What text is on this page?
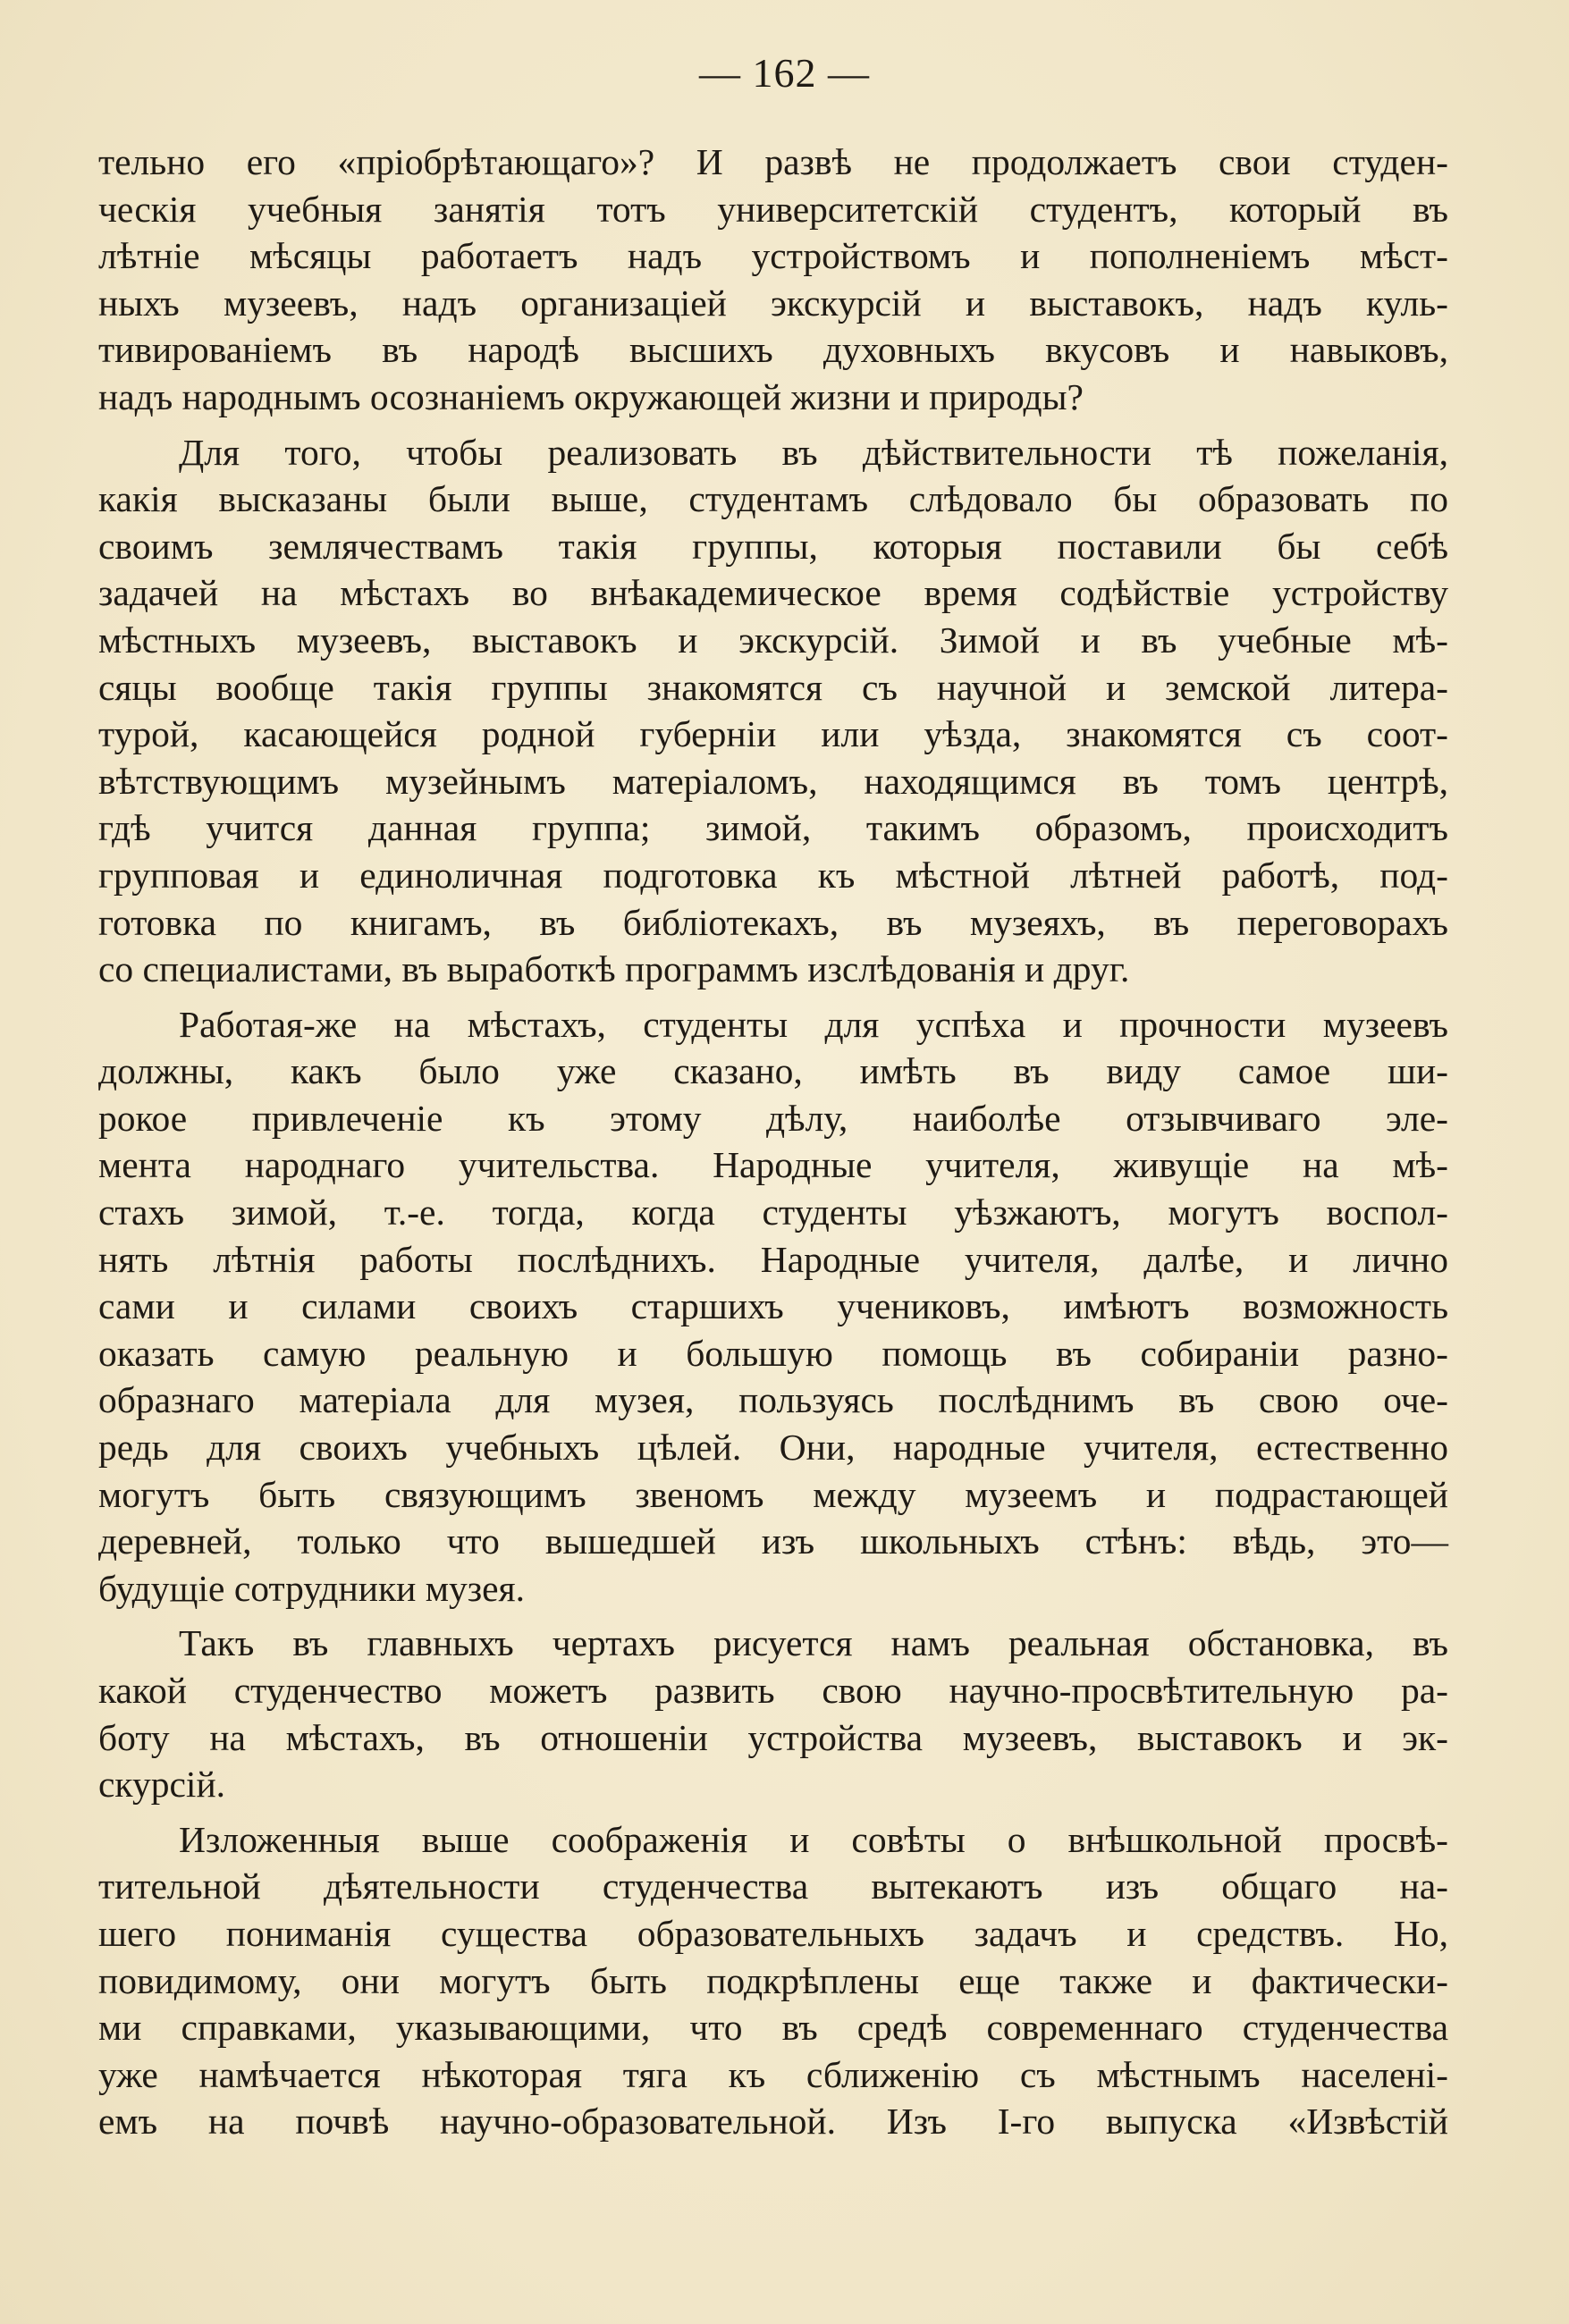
— 162 —
тельно его «пріобрѣтающаго»? И развѣ не продолжаетъ свои студен-
ческія учебныя занятія тотъ университетскій студентъ, который въ
лѣтніе мѣсяцы работаетъ надъ устройствомъ и пополненіемъ мѣст-
ныхъ музеевъ, надъ организаціей экскурсій и выставокъ, надъ куль-
тивированіемъ въ народѣ высшихъ духовныхъ вкусовъ и навыковъ,
надъ народнымъ осознаніемъ окружающей жизни и природы?
Для того, чтобы реализовать въ дѣйствительности тѣ пожеланія,
какія высказаны были выше, студентамъ слѣдовало бы образовать по
своимъ землячествамъ такія группы, которыя поставили бы себѣ
задачей на мѣстахъ во внѣакадемическое время содѣйствіе устройству
мѣстныхъ музеевъ, выставокъ и экскурсій. Зимой и въ учебные мѣ-
сяцы вообще такія группы знакомятся съ научной и земской литера-
турой, касающейся родной губерніи или уѣзда, знакомятся съ соот-
вѣтствующимъ музейнымъ матеріаломъ, находящимся въ томъ центрѣ,
гдѣ учится данная группа; зимой, такимъ образомъ, происходитъ
групповая и единоличная подготовка къ мѣстной лѣтней работѣ, под-
готовка по книгамъ, въ библіотекахъ, въ музеяхъ, въ переговорахъ
со специалистами, въ выработкѣ программъ изслѣдованія и друг.
Работая-же на мѣстахъ, студенты для успѣха и прочности музеевъ
должны, какъ было уже сказано, имѣть въ виду самое ши-
рокое привлеченіе къ этому дѣлу, наиболѣе отзывчиваго эле-
мента народнаго учительства. Народные учителя, живущіе на мѣ-
стахъ зимой, т.-е. тогда, когда студенты уѣзжаютъ, могутъ воспол-
нять лѣтнія работы послѣднихъ. Народные учителя, далѣе, и лично
сами и силами своихъ старшихъ учениковъ, имѣютъ возможность
оказать самую реальную и большую помощь въ собираніи разно-
образнаго матеріала для музея, пользуясь послѣднимъ въ свою оче-
редь для своихъ учебныхъ цѣлей. Они, народные учителя, естественно
могутъ быть связующимъ звеномъ между музеемъ и подрастающей
деревней, только что вышедшей изъ школьныхъ стѣнъ: вѣдь, это—
будущіе сотрудники музея.
Такъ въ главныхъ чертахъ рисуется намъ реальная обстановка, въ
какой студенчество можетъ развить свою научно-просвѣтительную ра-
боту на мѣстахъ, въ отношеніи устройства музеевъ, выставокъ и эк-
скурсій.
Изложенныя выше соображенія и совѣты о внѣшкольной просвѣ-
тительной дѣятельности студенчества вытекаютъ изъ общаго на-
шего пониманія существа образовательныхъ задачъ и средствъ. Но,
повидимому, они могутъ быть подкрѣплены еще также и фактически-
ми справками, указывающими, что въ средѣ современнаго студенчества
уже намѣчается нѣкоторая тяга къ сближенію съ мѣстнымъ населені-
емъ на почвѣ научно-образовательной. Изъ I-го выпуска «Извѣстій
